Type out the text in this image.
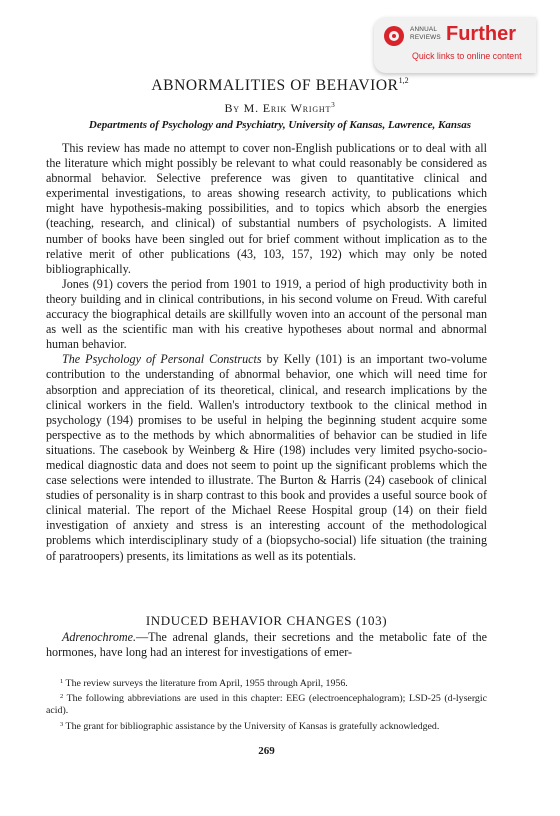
ANNUAL REVIEWS Further
Quick links to online content
ABNORMALITIES OF BEHAVIOR$^{1,2}$
By M. Erik Wright$^3$
Departments of Psychology and Psychiatry, University of Kansas, Lawrence, Kansas

This review has made no attempt to cover non-English publications or to deal with all the literature which might possibly be relevant to what could reasonably be considered as abnormal behavior. Selective preference was given to quantitative clinical and experimental investigations, to areas showing research activity, to publications which might have hypothesis-making possibilities, and to topics which absorb the energies (teaching, research, and clinical) of substantial numbers of psychologists. A limited number of books have been singled out for brief comment without implication as to the relative merit of other publications (43, 103, 157, 192) which may only be noted bibliographically.

Jones (91) covers the period from 1901 to 1919, a period of high productivity both in theory building and in clinical contributions, in his second volume on Freud. With careful accuracy the biographical details are skillfully woven into an account of the personal man as well as the scientific man with his creative hypotheses about normal and abnormal human behavior.

The Psychology of Personal Constructs by Kelly (101) is an important two-volume contribution to the understanding of abnormal behavior, one which will need time for absorption and appreciation of its theoretical, clinical, and research implications by the clinical workers in the field. Wallen's introductory textbook to the clinical method in psychology (194) promises to be useful in helping the beginning student acquire some perspective as to the methods by which abnormalities of behavior can be studied in life situations. The casebook by Weinberg & Hire (198) includes very limited psycho-socio-medical diagnostic data and does not seem to point up the significant problems which the case selections were intended to illustrate. The Burton & Harris (24) casebook of clinical studies of personality is in sharp contrast to this book and provides a useful source book of clinical material. The report of the Michael Reese Hospital group (14) on their field investigation of anxiety and stress is an interesting account of the methodological problems which interdisciplinary study of a (biopsycho-social) life situation (the training of paratroopers) presents, its limitations as well as its potentials.

INDUCED BEHAVIOR CHANGES (103)

Adrenochrome.—The adrenal glands, their secretions and the metabolic fate of the hormones, have long had an interest for investigations of emer-

$^1$ The review surveys the literature from April, 1955 through April, 1956.

$^2$ The following abbreviations are used in this chapter: EEG (electroencephalogram); LSD-25 (d-lysergic acid).

$^3$ The grant for bibliographic assistance by the University of Kansas is gratefully acknowledged.

269
